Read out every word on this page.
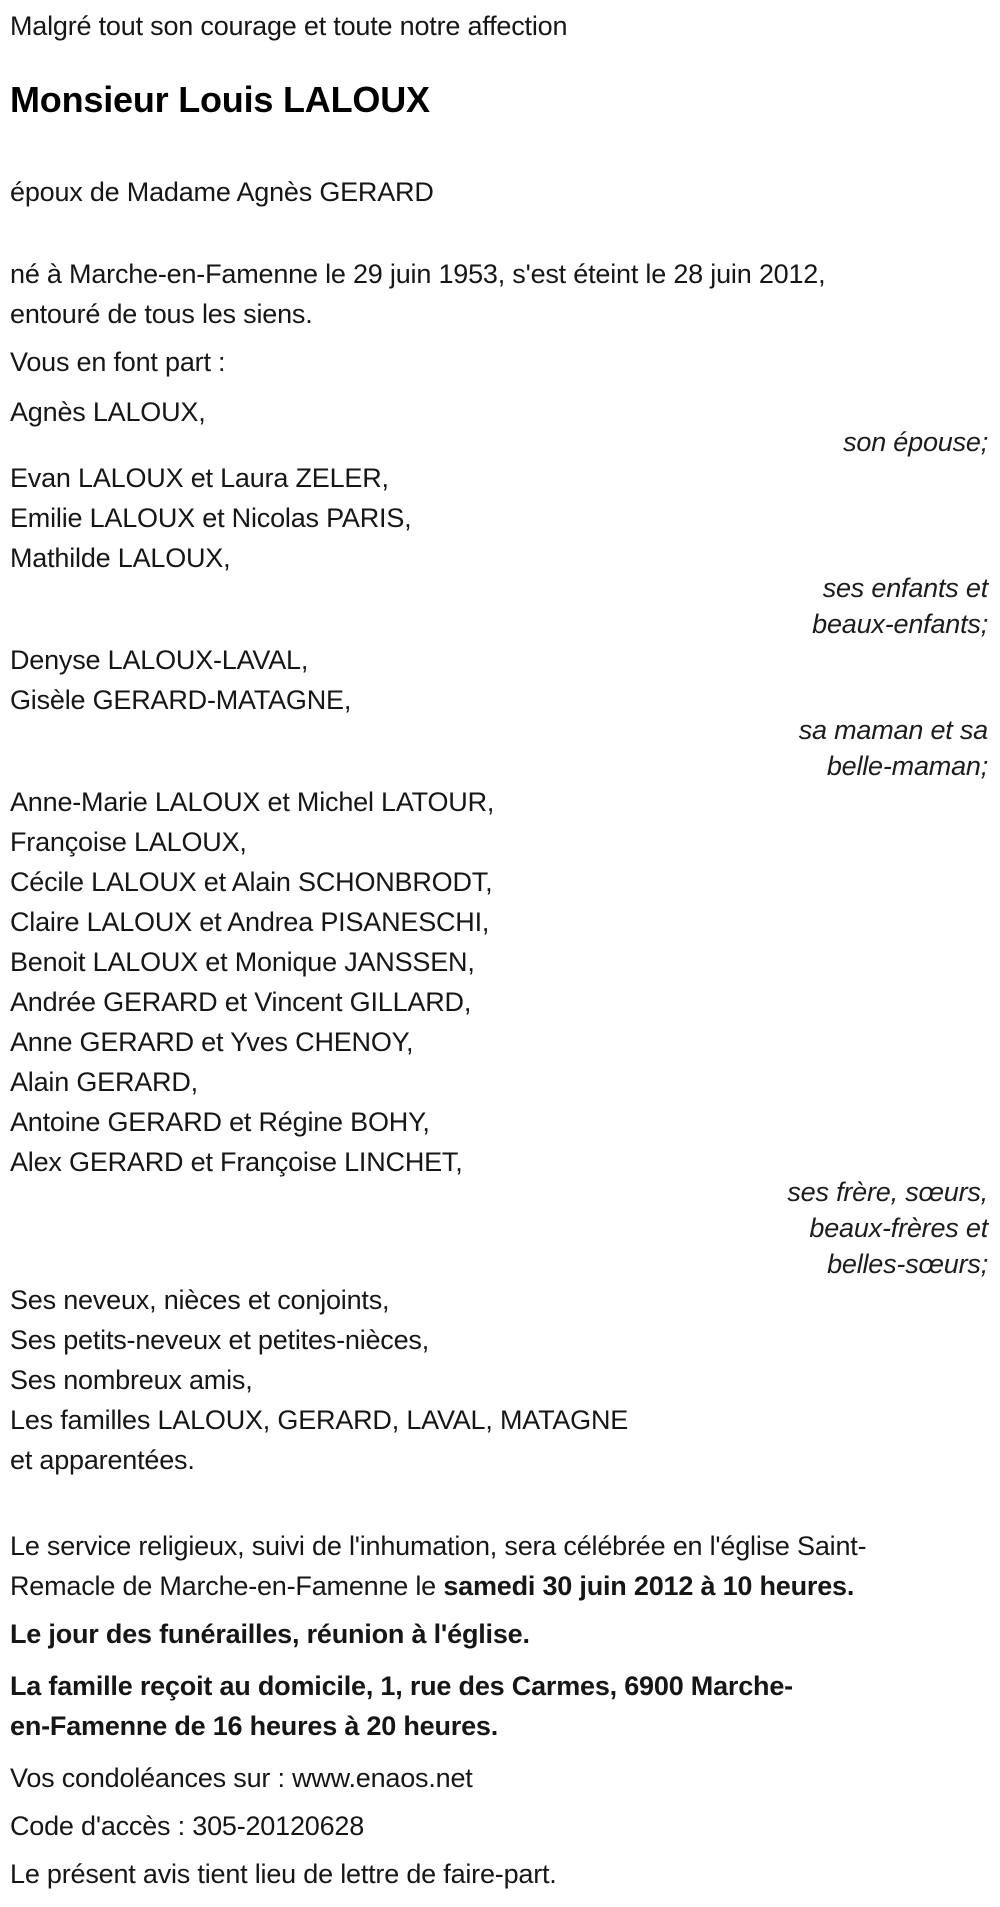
Malgré tout son courage et toute notre affection

Monsieur Louis LALOUX

époux de Madame Agnès GERARD

né à Marche-en-Famenne le 29 juin 1953, s'est éteint le 28 juin 2012,
entouré de tous les siens.

Vous en font part :

Agnès LALOUX,

son épouse;

Evan LALOUX et Laura ZELER,
Emilie LALOUX et Nicolas PARIS,
Mathilde LALOUX,

ses enfants et
beaux-enfants;

Denyse LALOUX-LAVAL,
Gisèle GERARD-MATAGNE,

sa maman et sa
belle-maman;

Anne-Marie LALOUX et Michel LATOUR,
Françoise LALOUX,
Cécile LALOUX et Alain SCHONBRODT,
Claire LALOUX et Andrea PISANESCHI,
Benoit LALOUX et Monique JANSSEN,
Andrée GERARD et Vincent GILLARD,
Anne GERARD et Yves CHENOY,
Alain GERARD,
Antoine GERARD et Régine BOHY,
Alex GERARD et Françoise LINCHET,

ses frère, sœurs,
beaux-frères et
belles-sœurs;

Ses neveux, nièces et conjoints,
Ses petits-neveux et petites-nièces,
Ses nombreux amis,
Les familles LALOUX, GERARD, LAVAL, MATAGNE
et apparentées.

Le service religieux, suivi de l'inhumation, sera célébrée en l'église Saint-
Remacle de Marche-en-Famenne le samedi 30 juin 2012 à 10 heures.

Le jour des funérailles, réunion à l'église.

La famille reçoit au domicile, 1, rue des Carmes, 6900 Marche-
en-Famenne de 16 heures à 20 heures.

Vos condoléances sur : www.enaos.net

Code d'accès : 305-20120628

Le présent avis tient lieu de lettre de faire-part.
